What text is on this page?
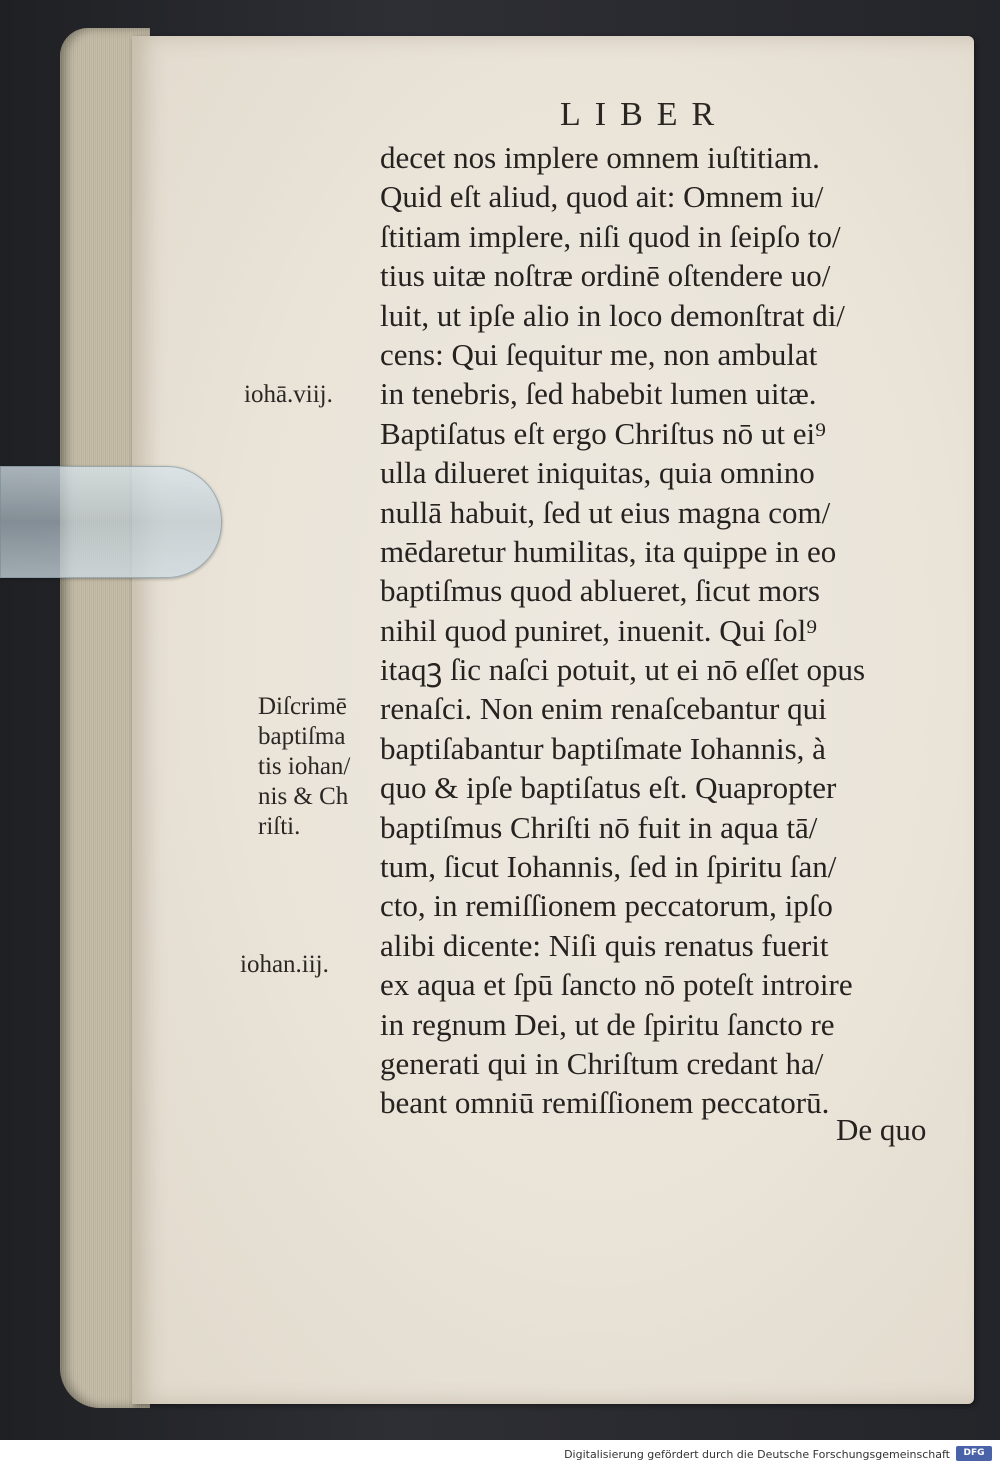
LIBER
decet nos implere omnem iuſtitiam.
Quid eſt aliud, quod ait: Omnem iu/
ſtitiam implere, niſi quod in ſeipſo to/
tius uitæ noſtræ ordinē oſtendere uo/
luit, ut ipſe alio in loco demonſtrat di/
cens: Qui ſequitur me, non ambulat
in tenebris, ſed habebit lumen uitæ.
Baptiſatus eſt ergo Chriſtus nō ut ei⁹
ulla dilueret iniquitas, quia omnino
nullā habuit, ſed ut eius magna com/
mēdaretur humilitas, ita quippe in eo
baptiſmus quod ablueret, ſicut mors
nihil quod puniret, inuenit. Qui ſol⁹
itaqꝫ ſic naſci potuit, ut ei nō eſſet opus
renaſci. Non enim renaſcebantur qui
baptiſabantur baptiſmate Iohannis, à
quo & ipſe baptiſatus eſt. Quapropter
baptiſmus Chriſti nō fuit in aqua tā/
tum, ſicut Iohannis, ſed in ſpiritu ſan/
cto, in remiſſionem peccatorum, ipſo
alibi dicente: Niſi quis renatus fuerit
ex aqua et ſpū ſancto nō poteſt introire
in regnum Dei, ut de ſpiritu ſancto re
generati qui in Chriſtum credant ha/
beant omniū remiſſionem peccatorū.
De quo
iohā.viij.
Diſcrimē
baptiſma
tis iohan/
nis & Ch
riſti.
iohan.iij.
Digitalisierung gefördert durch die Deutsche Forschungsgemeinschaft	DFG
